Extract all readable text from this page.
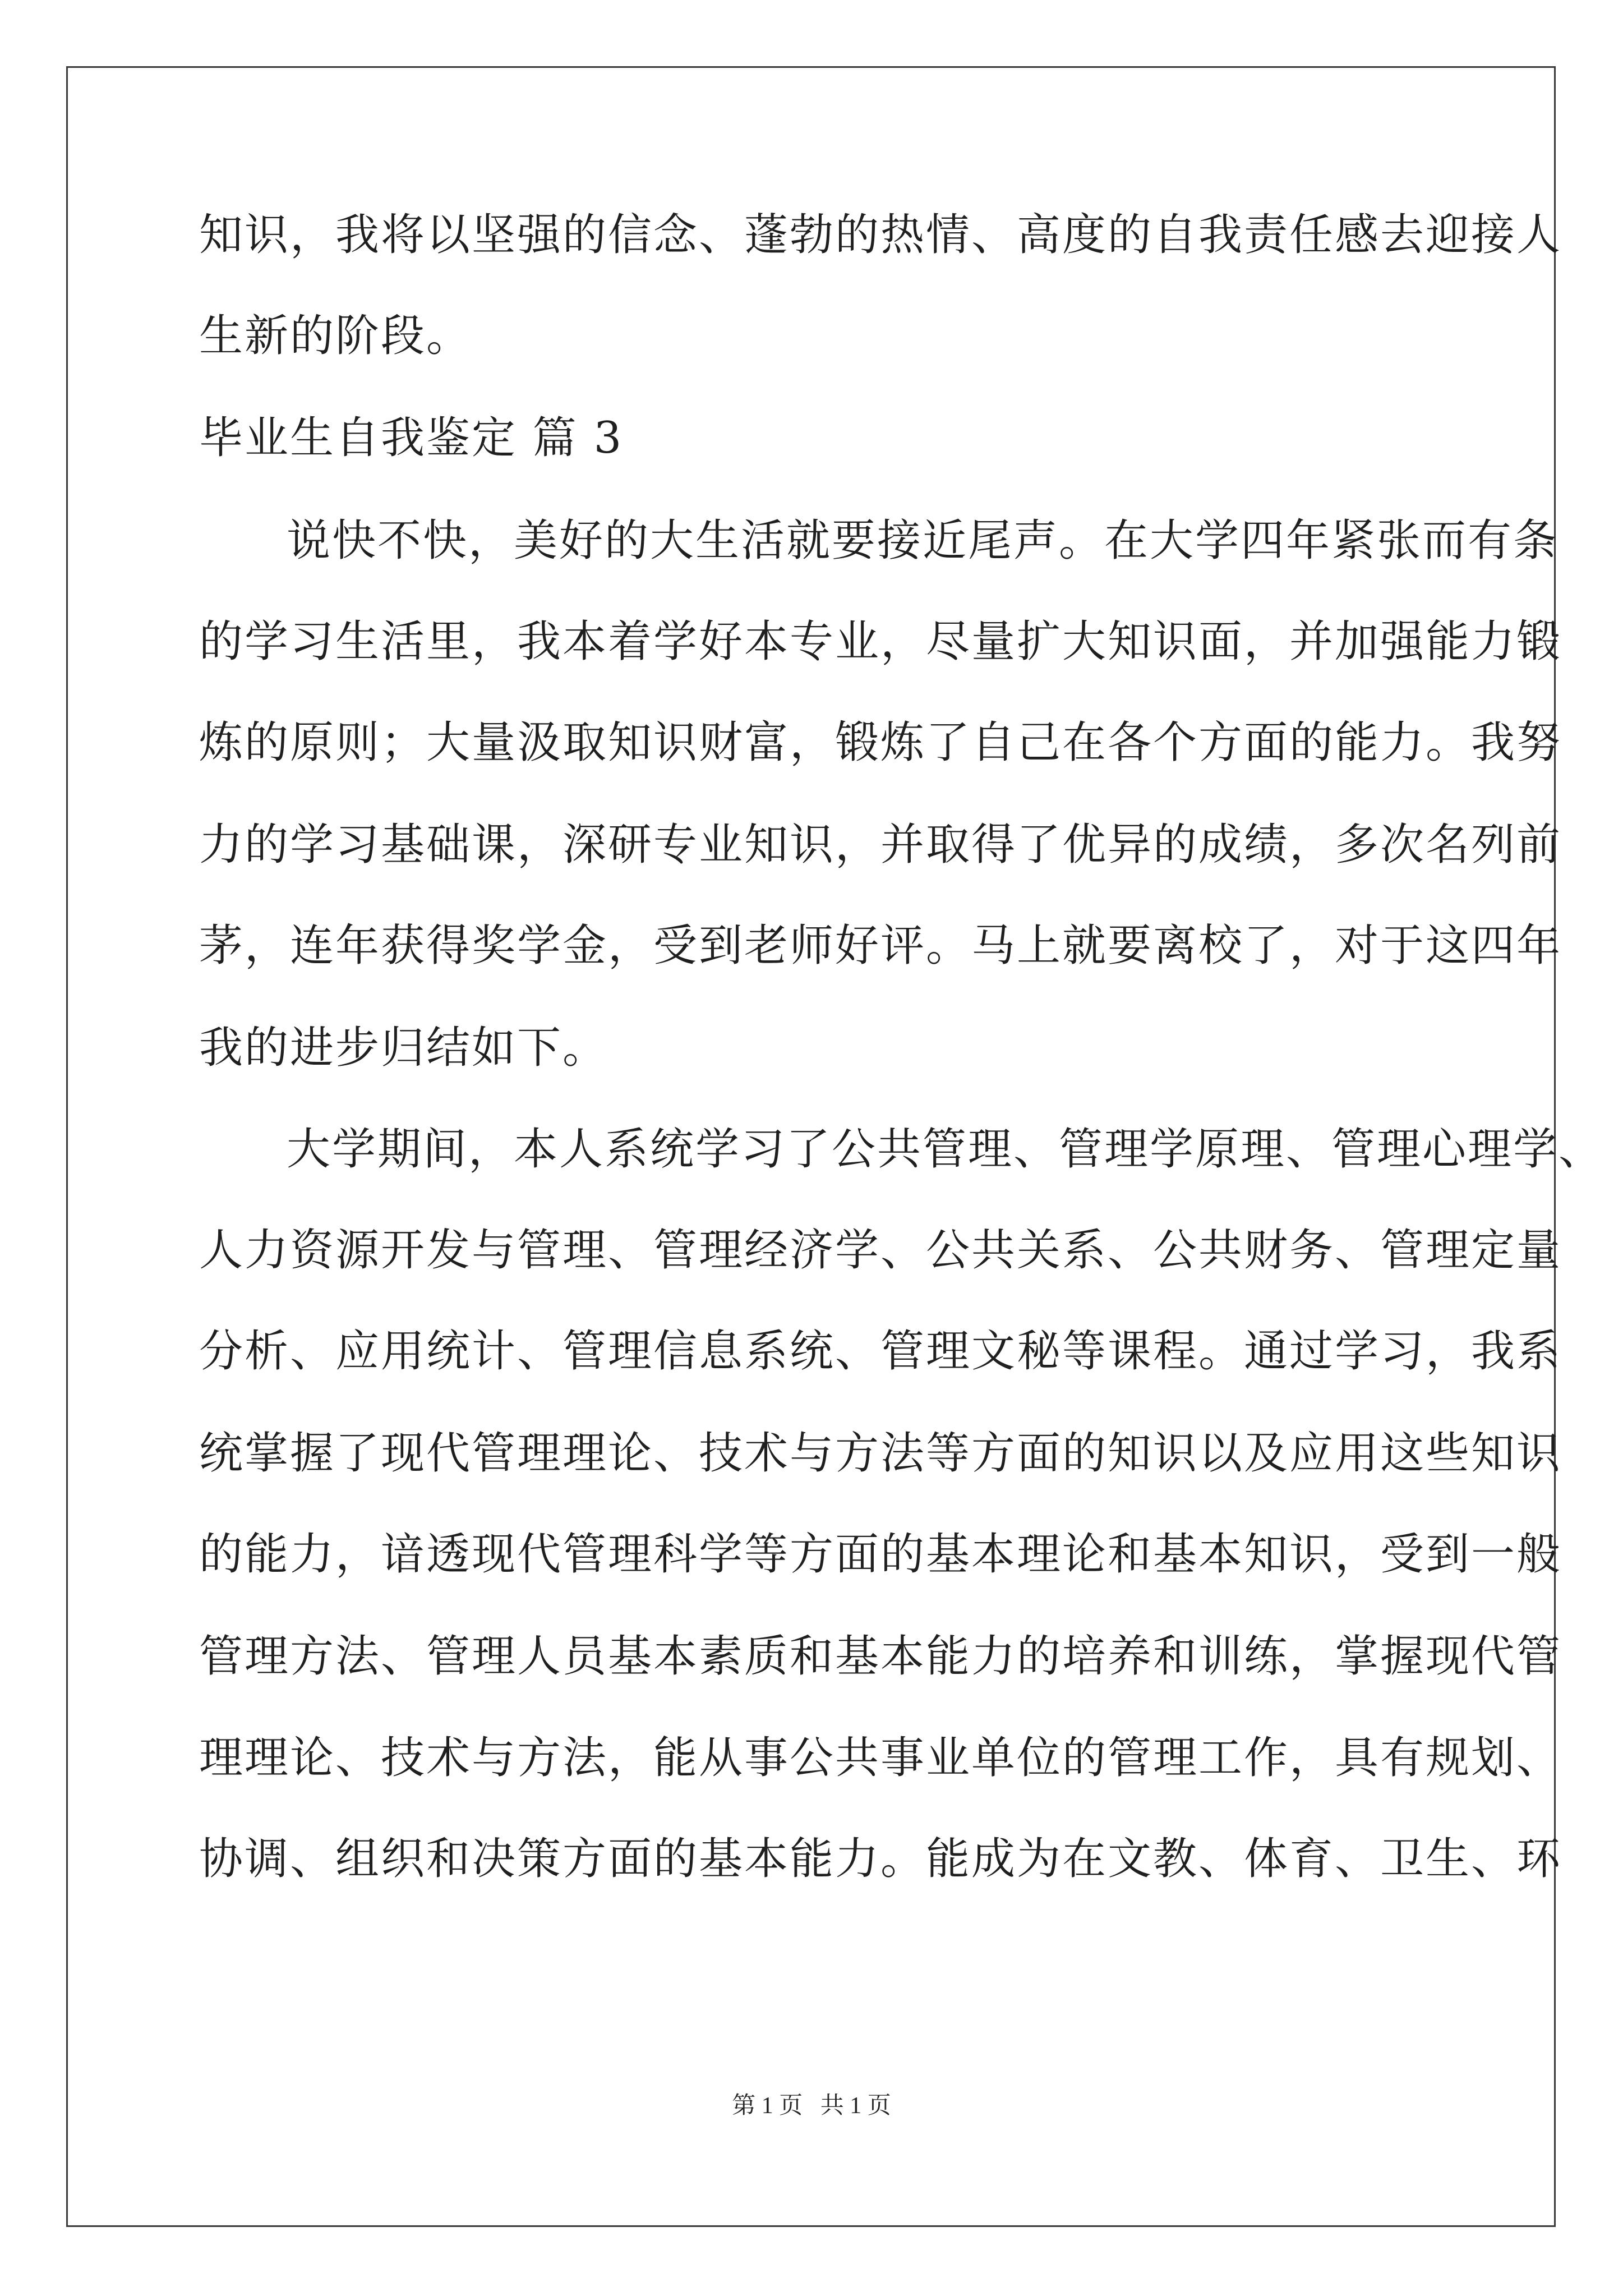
知识，我将以坚强的信念、蓬勃的热情、高度的自我责任感去迎接人
生新的阶段。
毕业生自我鉴定 篇 3
说快不快，美好的大生活就要接近尾声。在大学四年紧张而有条
的学习生活里，我本着学好本专业，尽量扩大知识面，并加强能力锻
炼的原则；大量汲取知识财富，锻炼了自己在各个方面的能力。我努
力的学习基础课，深研专业知识，并取得了优异的成绩，多次名列前
茅，连年获得奖学金，受到老师好评。马上就要离校了，对于这四年
我的进步归结如下。
大学期间，本人系统学习了公共管理、管理学原理、管理心理学、
人力资源开发与管理、管理经济学、公共关系、公共财务、管理定量
分析、应用统计、管理信息系统、管理文秘等课程。通过学习，我系
统掌握了现代管理理论、技术与方法等方面的知识以及应用这些知识
的能力，谙透现代管理科学等方面的基本理论和基本知识，受到一般
管理方法、管理人员基本素质和基本能力的培养和训练，掌握现代管
理理论、技术与方法，能从事公共事业单位的管理工作，具有规划、
协调、组织和决策方面的基本能力。能成为在文教、体育、卫生、环
第 1 页   共 1 页
